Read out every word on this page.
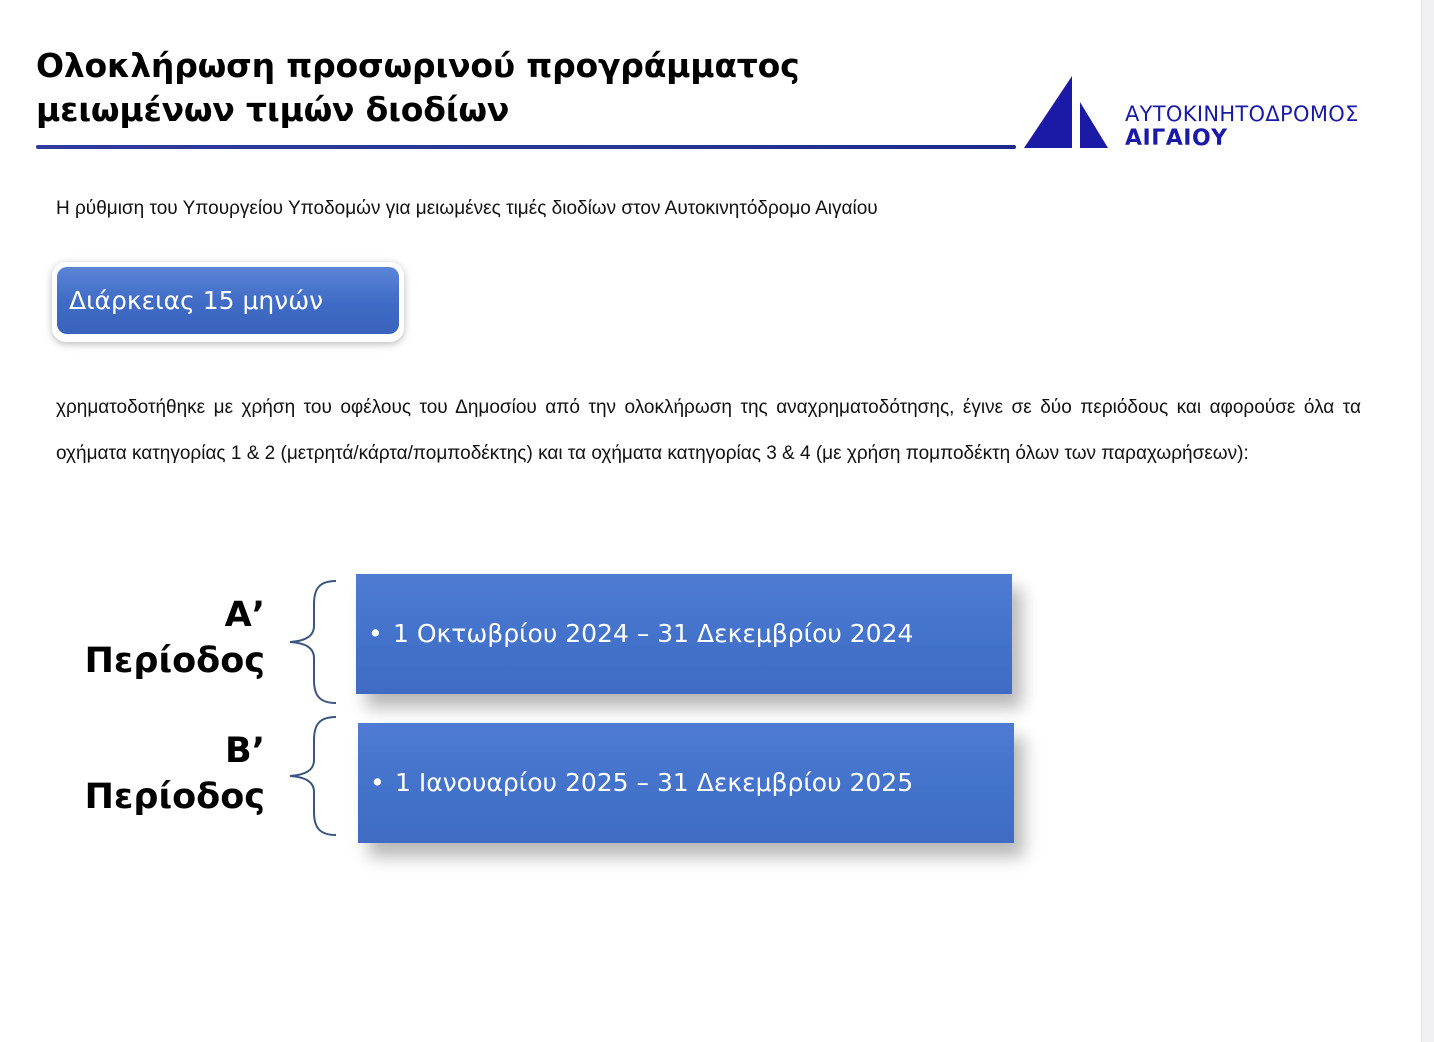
Ολοκλήρωση προσωρινού προγράμματος
μειωμένων τιμών διοδίων	ΑΥΤΟΚΙΝΗΤΟΔΡΟΜΟΣ
ΑΙΓΑΙΟΥ
Η ρύθμιση του Υπουργείου Υποδομών για μειωμένες τιμές διοδίων στον Αυτοκινητόδρομο Αιγαίου
Διάρκειας 15 μηνών

χρηματοδοτήθηκε με χρήση του οφέλους του Δημοσίου από την ολοκλήρωση της αναχρηματοδότησης, έγινε σε δύο περιόδους και αφορούσε όλα τα οχήματα κατηγορίας 1 & 2 (μετρητά/κάρτα/πομποδέκτης) και τα οχήματα κατηγορίας 3 & 4 (με χρήση πομποδέκτη όλων των παραχωρήσεων):

Α’
Περίοδος
• 1 Οκτωβρίου 2024 – 31 Δεκεμβρίου 2024
Β’
Περίοδος	• 1 Ιανουαρίου 2025 – 31 Δεκεμβρίου 2025
